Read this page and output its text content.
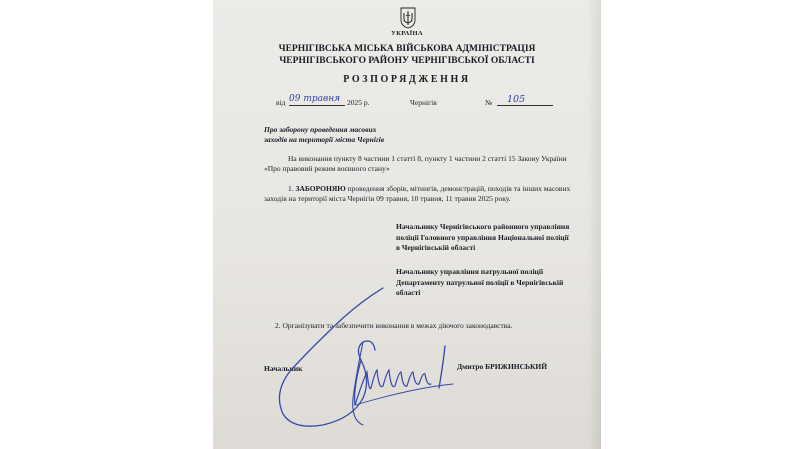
УКРАЇНА
ЧЕРНІГІВСЬКА МІСЬКА ВІЙСЬКОВА АДМІНІСТРАЦІЯ
ЧЕРНІГІВСЬКОГО РАЙОНУ ЧЕРНІГІВСЬКОЇ ОБЛАСТІ
РОЗПОРЯДЖЕННЯ
від 09 травня 2025 р.	Чернігів	№	105
Про заборону проведення масових
заходів на території міста Чернігів
На виконання пункту 8 частини 1 статті 8, пункту 1 частини 2 статті 15 Закону України «Про правовий режим воєнного стану»
1. ЗАБОРОНЯЮ проведення зборів, мітингів, демонстрацій, походів та інших масових заходів на території міста Чернігів 09 травня, 10 травня, 11 травня 2025 року.
Начальнику Чернігівського районного управління поліції Головного управління Національної поліції в Чернігівській області
Начальнику управління патрульної поліції Департаменту патрульної поліції в Чернігівській області
2. Організувати та забезпечити виконання в межах діючого законодавства.
Начальник	Дмитро БРИЖИНСЬКИЙ
